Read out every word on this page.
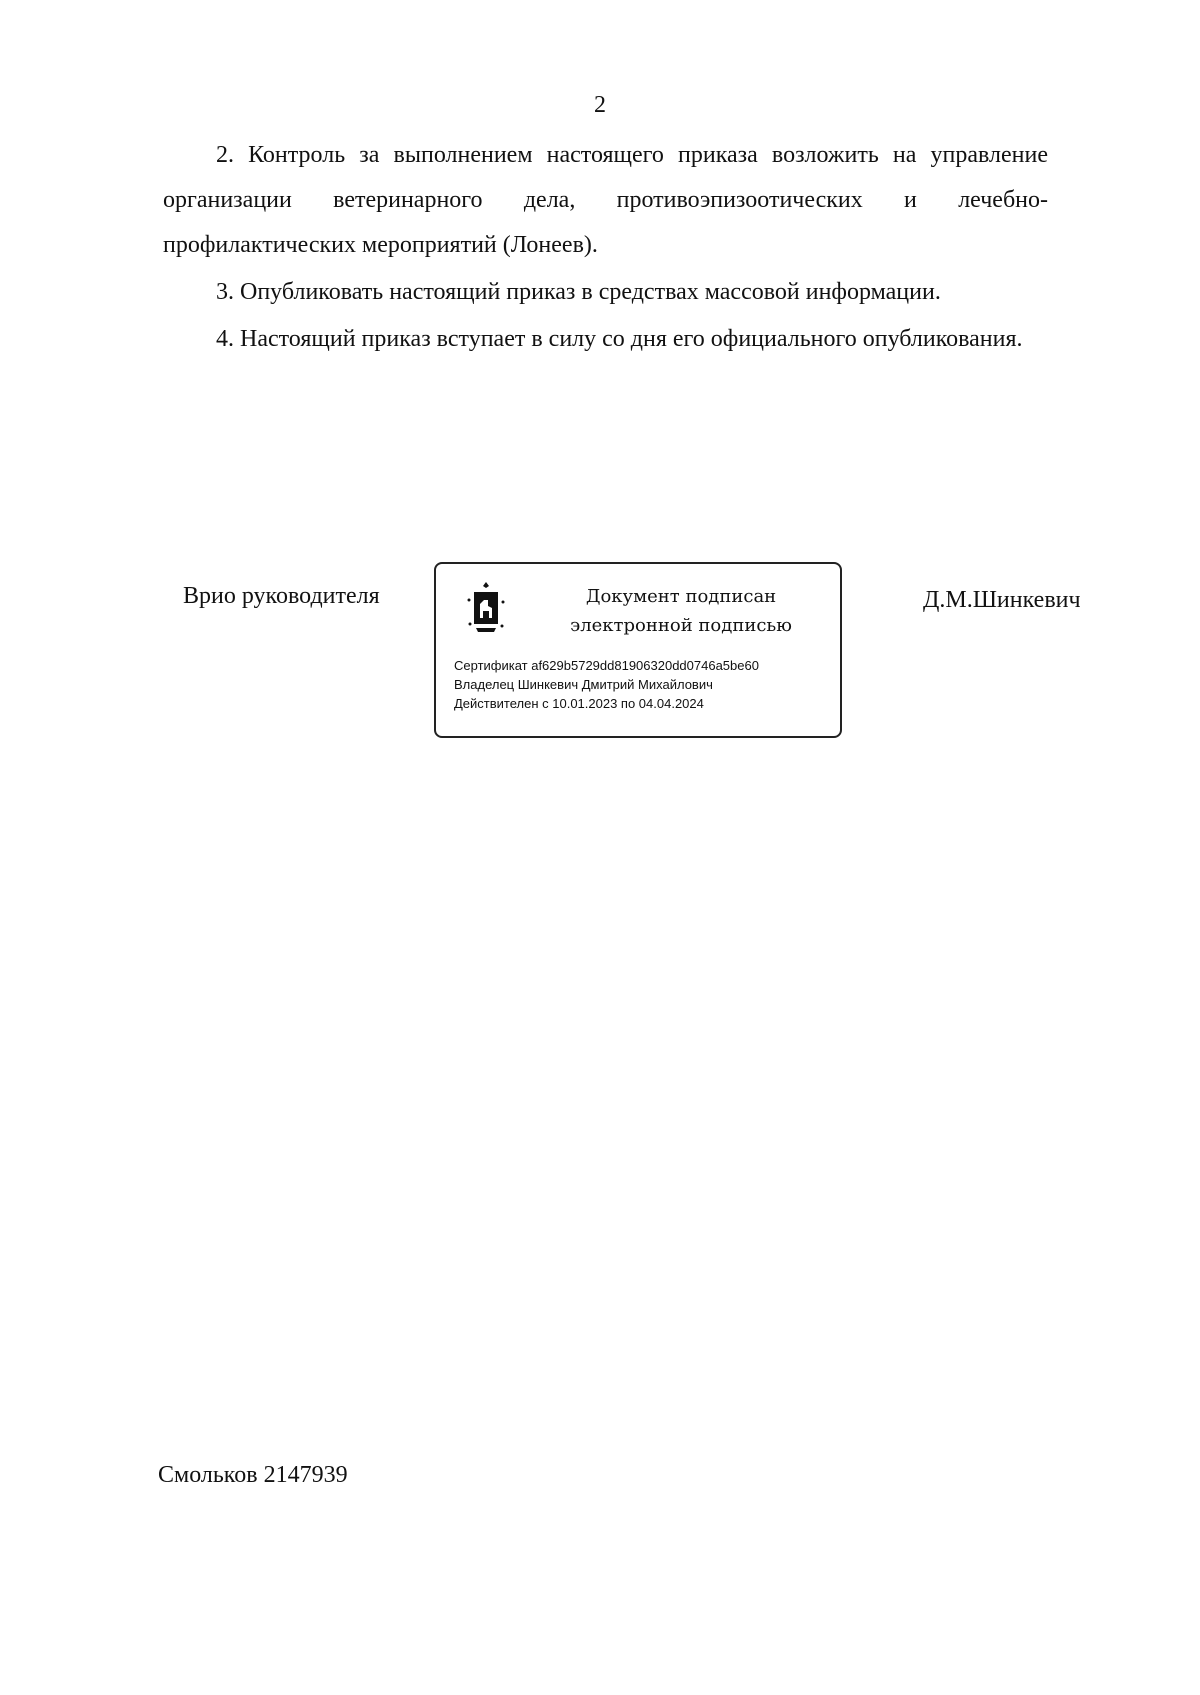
2

2. Контроль за выполнением настоящего приказа возложить на управление организации ветеринарного дела, противоэпизоотических и лечебно-профилактических мероприятий (Лонеев).

3. Опубликовать настоящий приказ в средствах массовой информации.

4. Настоящий приказ вступает в силу со дня его официального опубликования.

Врио руководителя	Документ подписан
электронной подписью
Сертификат af629b5729dd81906320dd0746a5be60
Владелец Шинкевич Дмитрий Михайлович
Действителен с 10.01.2023 по 04.04.2024
Д.М.Шинкевич
Смольков 2147939
